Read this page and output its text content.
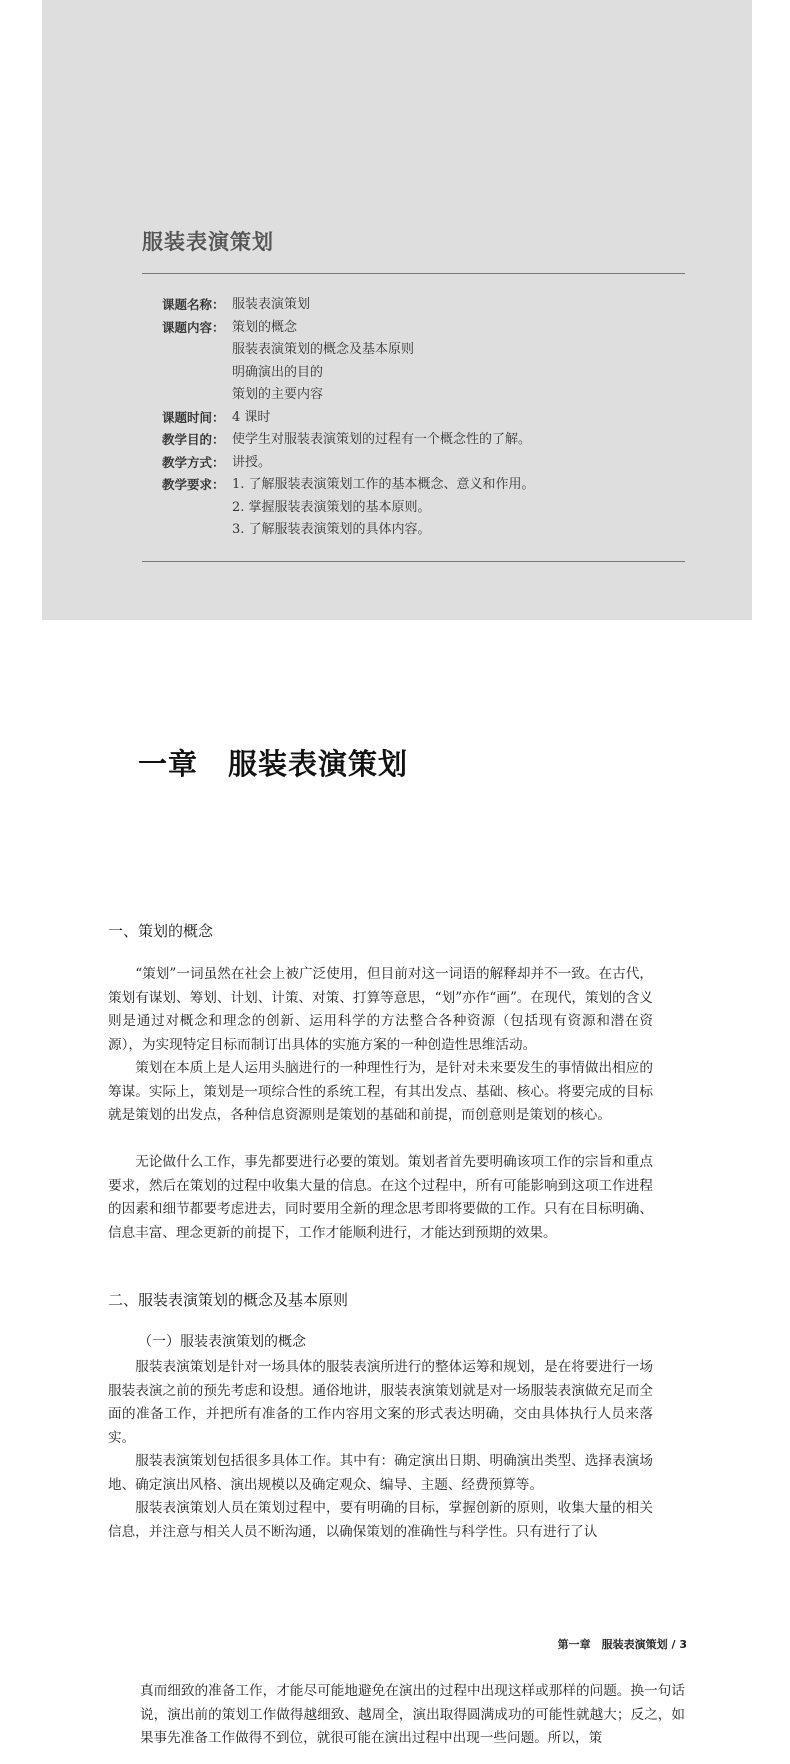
服装表演策划
课题名称： 服装表演策划
课题内容： 策划的概念
服装表演策划的概念及基本原则
明确演出的目的
策划的主要内容
课题时间： 4 课时
教学目的： 使学生对服装表演策划的过程有一个概念性的了解。
教学方式： 讲授。
教学要求： 1. 了解服装表演策划工作的基本概念、意义和作用。
2. 掌握服装表演策划的基本原则。
3. 了解服装表演策划的具体内容。
一章　服装表演策划
一、策划的概念

“策划”一词虽然在社会上被广泛使用，但目前对这一词语的解释却并不一致。在古代，策划有谋划、筹划、计划、计策、对策、打算等意思，“划”亦作“画”。在现代，策划的含义则是通过对概念和理念的创新、运用科学的方法整合各种资源（包括现有资源和潜在资源），为实现特定目标而制订出具体的实施方案的一种创造性思维活动。

策划在本质上是人运用头脑进行的一种理性行为，是针对未来要发生的事情做出相应的筹谋。实际上，策划是一项综合性的系统工程，有其出发点、基础、核心。将要完成的目标就是策划的出发点，各种信息资源则是策划的基础和前提，而创意则是策划的核心。

无论做什么工作，事先都要进行必要的策划。策划者首先要明确该项工作的宗旨和重点要求，然后在策划的过程中收集大量的信息。在这个过程中，所有可能影响到这项工作进程的因素和细节都要考虑进去，同时要用全新的理念思考即将要做的工作。只有在目标明确、信息丰富、理念更新的前提下，工作才能顺利进行，才能达到预期的效果。

二、服装表演策划的概念及基本原则
（一）服装表演策划的概念

服装表演策划是针对一场具体的服装表演所进行的整体运筹和规划，是在将要进行一场服装表演之前的预先考虑和设想。通俗地讲，服装表演策划就是对一场服装表演做充足而全面的准备工作，并把所有准备的工作内容用文案的形式表达明确，交由具体执行人员来落实。

服装表演策划包括很多具体工作。其中有：确定演出日期、明确演出类型、选择表演场地、确定演出风格、演出规模以及确定观众、编导、主题、经费预算等。

服装表演策划人员在策划过程中，要有明确的目标，掌握创新的原则，收集大量的相关信息，并注意与相关人员不断沟通，以确保策划的准确性与科学性。只有进行了认

第一章　服装表演策划 / 3

真而细致的准备工作，才能尽可能地避免在演出的过程中出现这样或那样的问题。换一句话说，演出前的策划工作做得越细致、越周全，演出取得圆满成功的可能性就越大；反之，如果事先准备工作做得不到位，就很可能在演出过程中出现一些问题。所以，策
